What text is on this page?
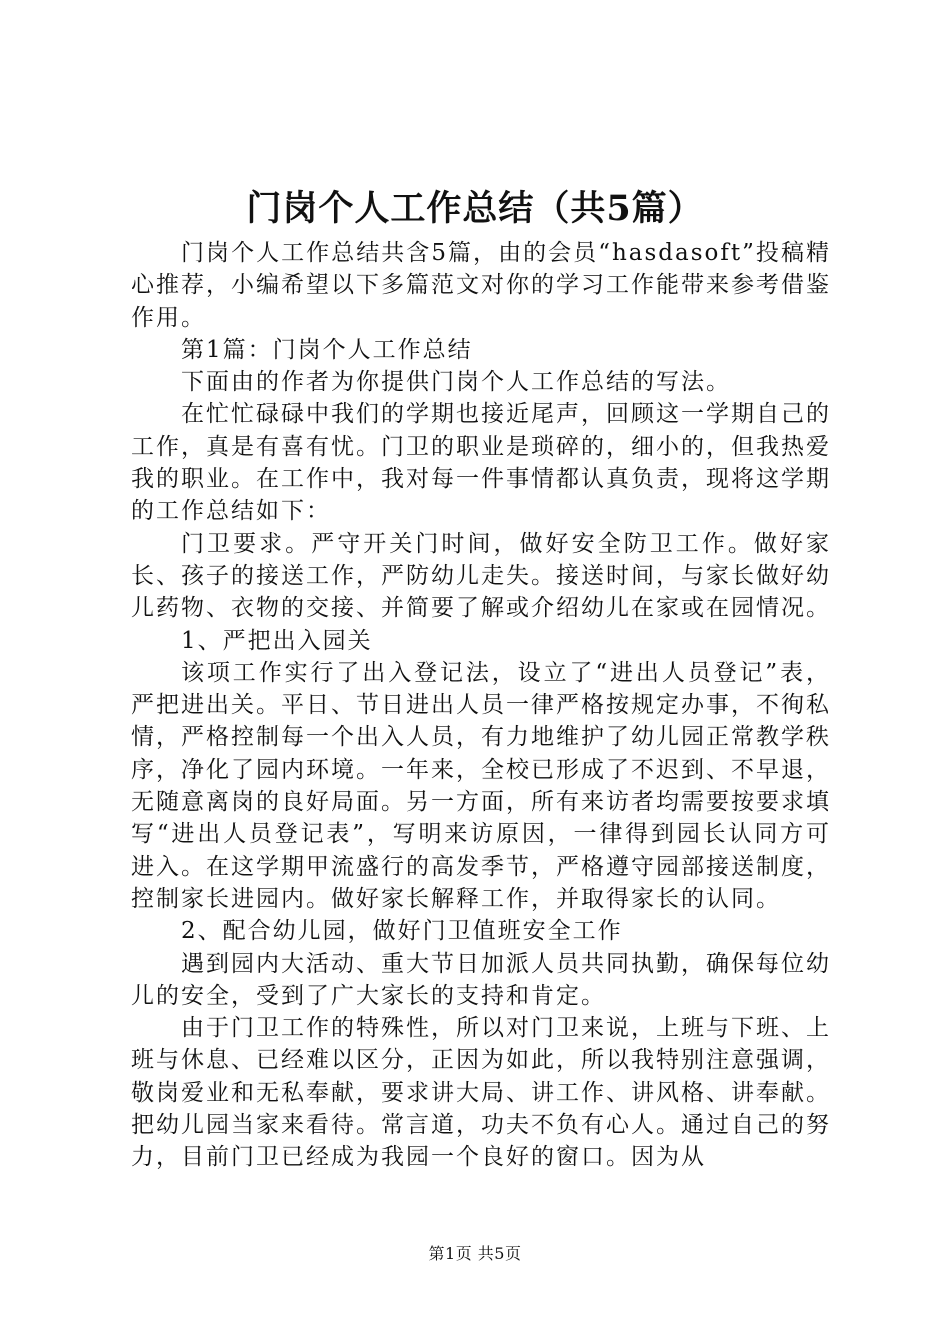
门岗个人工作总结（共5篇）

门岗个人工作总结共含5篇，由的会员“hasdasoft”投稿精心推荐，小编希望以下多篇范文对你的学习工作能带来参考借鉴作用。

第1篇：门岗个人工作总结

下面由的作者为你提供门岗个人工作总结的写法。

在忙忙碌碌中我们的学期也接近尾声，回顾这一学期自己的工作，真是有喜有忧。门卫的职业是琐碎的，细小的，但我热爱我的职业。在工作中，我对每一件事情都认真负责，现将这学期的工作总结如下：

门卫要求。严守开关门时间，做好安全防卫工作。做好家长、孩子的接送工作，严防幼儿走失。接送时间，与家长做好幼儿药物、衣物的交接、并简要了解或介绍幼儿在家或在园情况。

1、严把出入园关

该项工作实行了出入登记法，设立了“进出人员登记”表，严把进出关。平日、节日进出人员一律严格按规定办事，不徇私情，严格控制每一个出入人员，有力地维护了幼儿园正常教学秩序，净化了园内环境。一年来，全校已形成了不迟到、不早退，无随意离岗的良好局面。另一方面，所有来访者均需要按要求填写“进出人员登记表”，写明来访原因，一律得到园长认同方可进入。在这学期甲流盛行的高发季节，严格遵守园部接送制度，控制家长进园内。做好家长解释工作，并取得家长的认同。

2、配合幼儿园，做好门卫值班安全工作

遇到园内大活动、重大节日加派人员共同执勤，确保每位幼儿的安全，受到了广大家长的支持和肯定。

由于门卫工作的特殊性，所以对门卫来说，上班与下班、上班与休息、已经难以区分，正因为如此，所以我特别注意强调，敬岗爱业和无私奉献，要求讲大局、讲工作、讲风格、讲奉献。把幼儿园当家来看待。常言道，功夫不负有心人。通过自己的努力，目前门卫已经成为我园一个良好的窗口。因为从

第1页 共5页
